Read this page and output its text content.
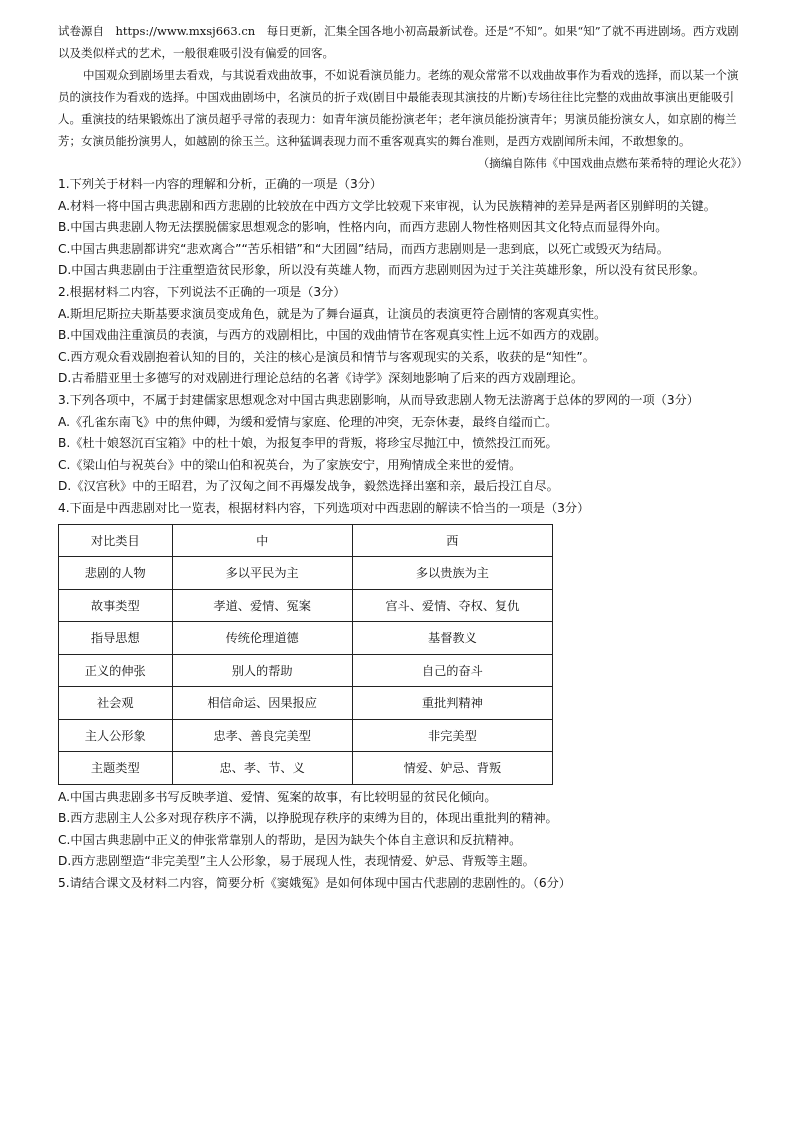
试卷源自　https://www.mxsj663.cn　每日更新，汇集全国各地小初高最新试卷。还是“不知”。如果“知”了就不再进剧场。西方戏剧以及类似样式的艺术，一般很难吸引没有偏爱的回客。

中国观众到剧场里去看戏，与其说看戏曲故事，不如说看演员能力。老练的观众常常不以戏曲故事作为看戏的选择，而以某一个演员的演技作为看戏的选择。中国戏曲剧场中，名演员的折子戏(剧目中最能表现其演技的片断)专场往往比完整的戏曲故事演出更能吸引人。重演技的结果锻炼出了演员超乎寻常的表现力：如青年演员能扮演老年；老年演员能扮演青年；男演员能扮演女人，如京剧的梅兰芳；女演员能扮演男人，如越剧的徐玉兰。这种猛调表现力而不重客观真实的舞台准则，是西方戏剧闻所未闻，不敢想象的。

（摘编自陈伟《中国戏曲点燃布莱希特的理论火花》）

1.下列关于材料一内容的理解和分析，正确的一项是（3分）

A.材料一将中国古典悲剧和西方悲剧的比较放在中西方文学比较观下来审视，认为民族精神的差异是两者区别鲜明的关键。

B.中国古典悲剧人物无法摆脱儒家思想观念的影响，性格内向，而西方悲剧人物性格则因其文化特点而显得外向。

C.中国古典悲剧都讲究“悲欢离合”“苦乐相错”和“大团圆”结局，而西方悲剧则是一悲到底，以死亡或毁灭为结局。

D.中国古典悲剧由于注重塑造贫民形象，所以没有英雄人物，而西方悲剧则因为过于关注英雄形象，所以没有贫民形象。

2.根据材料二内容，下列说法不正确的一项是（3分）

A.斯坦尼斯拉夫斯基要求演员变成角色，就是为了舞台逼真，让演员的表演更符合剧情的客观真实性。

B.中国戏曲注重演员的表演，与西方的戏剧相比，中国的戏曲情节在客观真实性上远不如西方的戏剧。

C.西方观众看戏剧抱着认知的目的，关注的核心是演员和情节与客观现实的关系，收获的是“知性”。

D.古希腊亚里士多德写的对戏剧进行理论总结的名著《诗学》深刻地影响了后来的西方戏剧理论。

3.下列各项中，不属于封建儒家思想观念对中国古典悲剧影响，从而导致悲剧人物无法游离于总体的罗网的一项（3分）

A.《孔雀东南飞》中的焦仲卿，为缓和爱情与家庭、伦理的冲突，无奈休妻，最终自缢而亡。

B.《杜十娘怒沉百宝箱》中的杜十娘，为报复李甲的背叛，将珍宝尽抛江中，愤然投江而死。

C.《梁山伯与祝英台》中的梁山伯和祝英台，为了家族安宁，用殉情成全来世的爱情。

D.《汉宫秋》中的王昭君，为了汉匈之间不再爆发战争，毅然选择出塞和亲，最后投江自尽。

4.下面是中西悲剧对比一览表，根据材料内容，下列选项对中西悲剧的解读不恰当的一项是（3分）

对比类目	中	西
悲剧的人物	多以平民为主	多以贵族为主
故事类型	孝道、爱情、冤案	宫斗、爱情、夺权、复仇
指导思想	传统伦理道德	基督教义
正义的伸张	别人的帮助	自己的奋斗
社会观	相信命运、因果报应	重批判精神
主人公形象	忠孝、善良完美型	非完美型
主题类型	忠、孝、节、义	情爱、妒忌、背叛

A.中国古典悲剧多书写反映孝道、爱情、冤案的故事，有比较明显的贫民化倾向。

B.西方悲剧主人公多对现存秩序不满，以挣脱现存秩序的束缚为目的，体现出重批判的精神。

C.中国古典悲剧中正义的伸张常靠别人的帮助，是因为缺失个体自主意识和反抗精神。

D.西方悲剧塑造“非完美型”主人公形象，易于展现人性，表现情爱、妒忌、背叛等主题。

5.请结合课文及材料二内容，简要分析《窦娥冤》是如何体现中国古代悲剧的悲剧性的。（6分）
